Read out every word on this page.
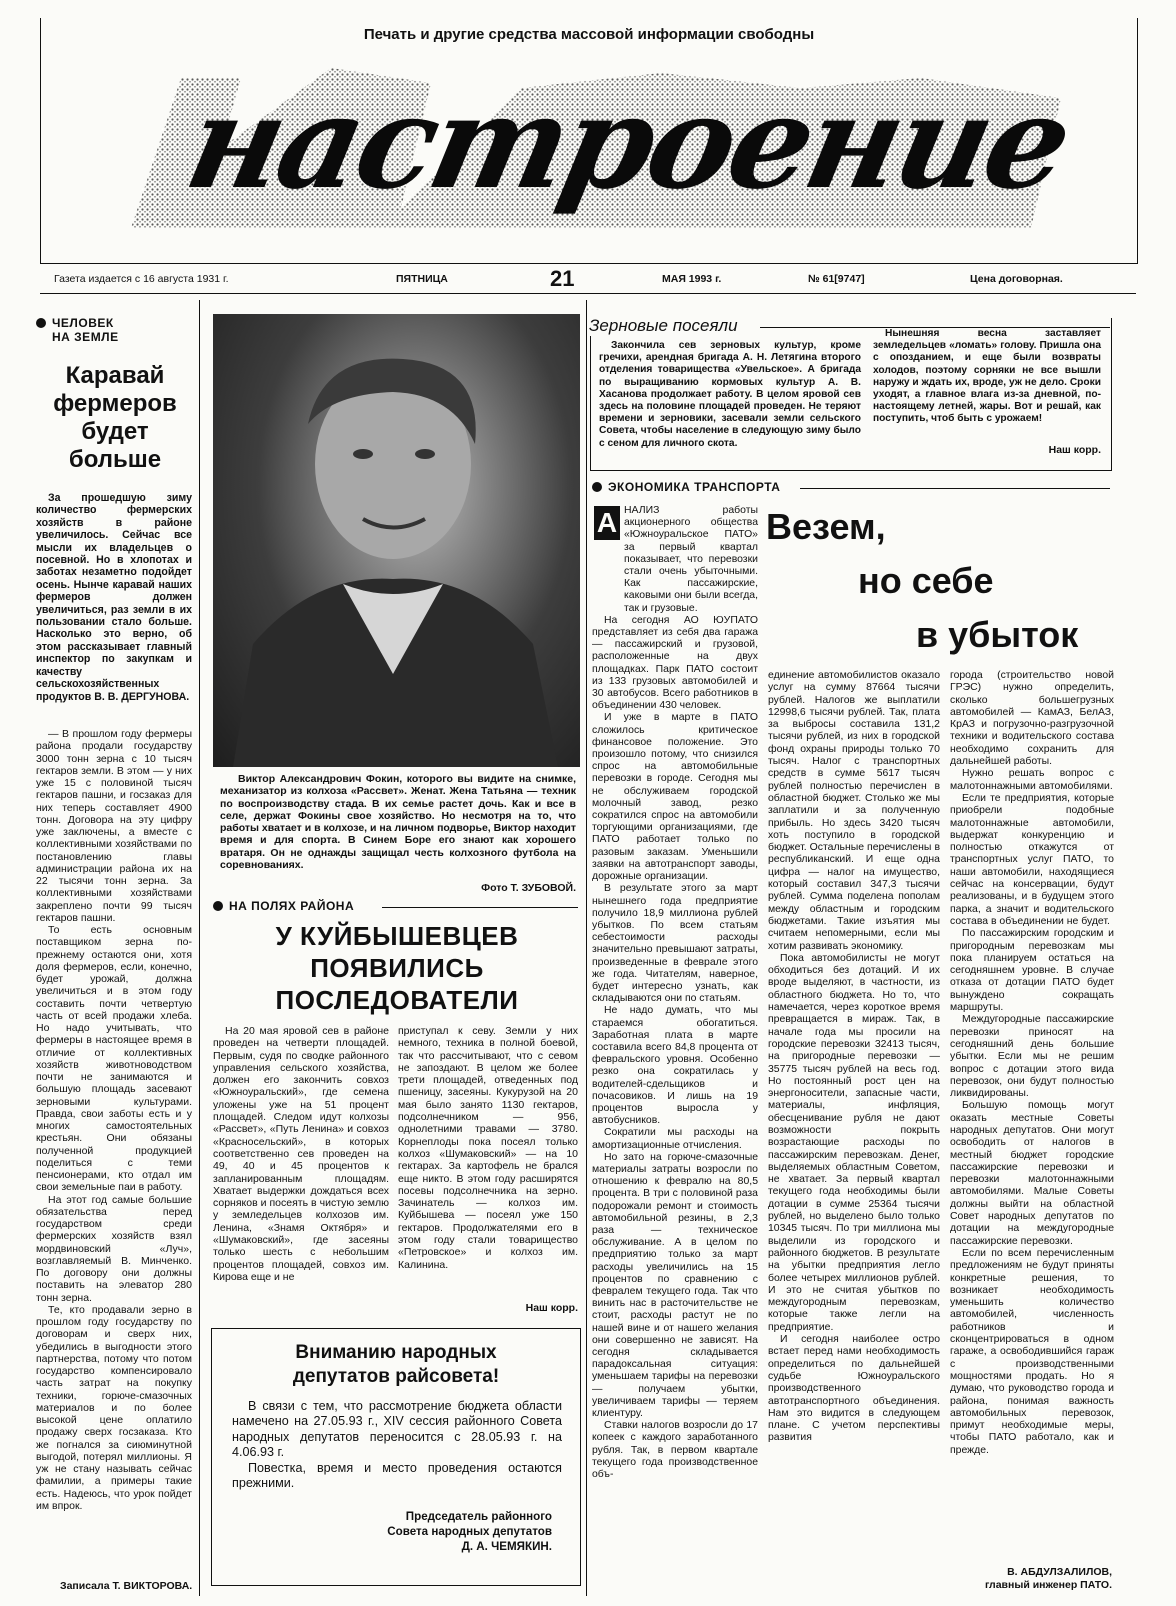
Печать и другие средства массовой информации свободны
настроение
Газета издается с 16 августа 1931 г.	ПЯТНИЦА	21	МАЯ 1993 г.	№ 61[9747]	Цена договорная.
ЧЕЛОВЕК
НА ЗЕМЛЕ
Каравай фермеров будет больше

За прошедшую зиму количество фермерских хозяйств в районе увеличилось. Сейчас все мысли их владельцев о посевной. Но в хлопотах и заботах незаметно подойдет осень. Нынче каравай наших фермеров должен увеличиться, раз земли в их пользовании стало больше. Насколько это верно, об этом рассказывает главный инспектор по закупкам и качеству сельскохозяйственных продуктов В. В. ДЕРГУНОВА.

— В прошлом году фермеры района продали государству 3000 тонн зерна с 10 тысяч гектаров земли. В этом — у них уже 15 с половиной тысяч гектаров пашни, и госзаказ для них теперь составляет 4900 тонн. Договора на эту цифру уже заключены, а вместе с коллективными хозяйствами по постановлению главы администрации района их на 22 тысячи тонн зерна. За коллективными хозяйствами закреплено почти 99 тысяч гектаров пашни.

То есть основным поставщиком зерна по-прежнему остаются они, хотя доля фермеров, если, конечно, будет урожай, должна увеличиться и в этом году составить почти четвертую часть от всей продажи хлеба. Но надо учитывать, что фермеры в настоящее время в отличие от коллективных хозяйств животноводством почти не занимаются и большую площадь засевают зерновыми культурами. Правда, свои заботы есть и у многих самостоятельных крестьян. Они обязаны полученной продукцией поделиться с теми пенсионерами, кто отдал им свои земельные паи в работу.

На этот год самые большие обязательства перед государством среди фермерских хозяйств взял мордвиновский «Луч», возглавляемый В. Минченко. По договору они должны поставить на элеватор 280 тонн зерна.

Те, кто продавали зерно в прошлом году государству по договорам и сверх них, убедились в выгодности этого партнерства, потому что потом государство компенсировало часть затрат на покупку техники, горюче-смазочных материалов и по более высокой цене оплатило продажу сверх госзаказа. Кто же погнался за сиюминутной выгодой, потерял миллионы. Я уж не стану называть сейчас фамилии, а примеры такие есть. Надеюсь, что урок пойдет им впрок.

Записала Т. ВИКТОРОВА.

Виктор Александрович Фокин, которого вы видите на снимке, механизатор из колхоза «Рассвет». Женат. Жена Татьяна — техник по воспроизводству стада. В их семье растет дочь. Как и все в селе, держат Фокины свое хозяйство. Но несмотря на то, что работы хватает и в колхозе, и на личном подворье, Виктор находит время и для спорта. В Синем Боре его знают как хорошего вратаря. Он не однажды защищал честь колхозного футбола на соревнованиях.

Фото Т. ЗУБОВОЙ.
НА ПОЛЯХ РАЙОНА
У КУЙБЫШЕВЦЕВ
ПОЯВИЛИСЬ
ПОСЛЕДОВАТЕЛИ

На 20 мая яровой сев в районе проведен на четверти площадей. Первым, судя по сводке районного управления сельского хозяйства, должен его закончить совхоз «Южноуральский», где семена уложены уже на 51 процент площадей. Следом идут колхозы «Рассвет», «Путь Ленина» и совхоз «Красносельский», в которых соответственно сев проведен на 49, 40 и 45 процентов к запланированным площадям. Хватает выдержки дождаться всех сорняков и посеять в чистую землю у земледельцев колхозов им. Ленина, «Знамя Октября» и «Шумаковский», где засеяны только шесть с небольшим процентов площадей, совхоз им. Кирова еще и не

приступал к севу. Земли у них немного, техника в полной боевой, так что рассчитывают, что с севом не запоздают. В целом же более трети площадей, отведенных под пшеницу, засеяны. Кукурузой на 20 мая было занято 1130 гектаров, подсолнечником — 956, однолетними травами — 3780. Корнеплоды пока посеял только колхоз «Шумаковский» — на 10 гектарах. За картофель не брался еще никто. В этом году расширятся посевы подсолнечника на зерно. Зачинатель — колхоз им. Куйбышева — посеял уже 150 гектаров. Продолжателями его в этом году стали товарищество «Петровское» и колхоз им. Калинина.

Наш корр.
Вниманию народных
депутатов райсовета!

В связи с тем, что рассмотрение бюджета области намечено на 27.05.93 г., XIV сессия районного Совета народных депутатов переносится с 28.05.93 г. на 4.06.93 г.

Повестка, время и место проведения остаются прежними.

Председатель районного
Совета народных депутатов
Д. А. ЧЕМЯКИН.
Зерновые посеяли

Закончила сев зерновых культур, кроме гречихи, арендная бригада А. Н. Летягина второго отделения товарищества «Увельское». А бригада по выращиванию кормовых культур А. В. Хасанова продолжает работу. В целом яровой сев здесь на половине площадей проведен. Не теряют времени и зерновики, засевали земли сельского Совета, чтобы население в следующую зиму было с сеном для личного скота.

Нынешняя весна заставляет земледельцев «ломать» голову. Пришла она с опозданием, и еще были возвраты холодов, поэтому сорняки не все вышли наружу и ждать их, вроде, уж не дело. Сроки уходят, а главное влага из-за дневной, по-настоящему летней, жары. Вот и решай, как поступить, чтоб быть с урожаем!

Наш корр.
ЭКОНОМИКА ТРАНСПОРТА
Везем,
но себе
в убыток
А НАЛИЗ работы акционерного общества «Южноуральское ПАТО» за первый квартал показывает, что перевозки стали очень убыточными. Как пассажирские, каковыми они были всегда, так и грузовые.

На сегодня АО ЮУПАТО представляет из себя два гаража — пассажирский и грузовой, расположенные на двух площадках. Парк ПАТО состоит из 133 грузовых автомобилей и 30 автобусов. Всего работников в объединении 430 человек.

И уже в марте в ПАТО сложилось критическое финансовое положение. Это произошло потому, что снизился спрос на автомобильные перевозки в городе. Сегодня мы не обслуживаем городской молочный завод, резко сократился спрос на автомобили торгующими организациями, где ПАТО работает только по разовым заказам. Уменьшили заявки на автотранспорт заводы, дорожные организации.

В результате этого за март нынешнего года предприятие получило 18,9 миллиона рублей убытков. По всем статьям себестоимости расходы значительно превышают затраты, произведенные в феврале этого же года. Читателям, наверное, будет интересно узнать, как складываются они по статьям.

Не надо думать, что мы стараемся обогатиться. Заработная плата в марте составила всего 84,8 процента от февральского уровня. Особенно резко она сократилась у водителей-сдельщиков и почасовиков. И лишь на 19 процентов выросла у автобусников.

Сократили мы расходы на амортизационные отчисления.

Но зато на горюче-смазочные материалы затраты возросли по отношению к февралю на 80,5 процента. В три с половиной раза подорожали ремонт и стоимость автомобильной резины, в 2,3 раза — техническое обслуживание. А в целом по предприятию только за март расходы увеличились на 15 процентов по сравнению с февралем текущего года. Так что винить нас в расточительстве не стоит, расходы растут не по нашей вине и от нашего желания они совершенно не зависят. На сегодня складывается парадоксальная ситуация: уменьшаем тарифы на перевозки — получаем убытки, увеличиваем тарифы — теряем клиентуру.

Ставки налогов возросли до 17 копеек с каждого заработанного рубля. Так, в первом квартале текущего года производственное объ-

единение автомобилистов оказало услуг на сумму 87664 тысячи рублей. Налогов же выплатили 12998,6 тысячи рублей. Так, плата за выбросы составила 131,2 тысячи рублей, из них в городской фонд охраны природы только 70 тысяч. Налог с транспортных средств в сумме 5617 тысяч рублей полностью перечислен в областной бюджет. Столько же мы заплатили и за полученную прибыль. Но здесь 3420 тысяч хоть поступило в городской бюджет. Остальные перечислены в республиканский. И еще одна цифра — налог на имущество, который составил 347,3 тысячи рублей. Сумма поделена пополам между областным и городским бюджетами. Такие изъятия мы считаем непомерными, если мы хотим развивать экономику.

Пока автомобилисты не могут обходиться без дотаций. И их вроде выделяют, в частности, из областного бюджета. Но то, что намечается, через короткое время превращается в мираж. Так, в начале года мы просили на городские перевозки 32413 тысяч, на пригородные перевозки — 35775 тысяч рублей на весь год. Но постоянный рост цен на энергоносители, запасные части, материалы, инфляция, обесценивание рубля не дают возможности покрыть возрастающие расходы по пассажирским перевозкам. Денег, выделяемых областным Советом, не хватает. За первый квартал текущего года необходимы были дотации в сумме 25364 тысячи рублей, но выделено было только 10345 тысяч. По три миллиона мы выделили из городского и районного бюджетов. В результате на убытки предприятия легло более четырех миллионов рублей. И это не считая убытков по междугородным перевозкам, которые также легли на предприятие.

И сегодня наиболее остро встает перед нами необходимость определиться по дальнейшей судьбе Южноуральского производственного автотранспортного объединения. Нам это видится в следующем плане. С учетом перспективы развития

города (строительство новой ГРЭС) нужно определить, сколько большегрузных автомобилей — КамАЗ, БелАЗ, КрАЗ и погрузочно-разгрузочной техники и водительского состава необходимо сохранить для дальнейшей работы.

Нужно решать вопрос с малотоннажными автомобилями.

Если те предприятия, которые приобрели подобные малотоннажные автомобили, выдержат конкуренцию и полностью откажутся от транспортных услуг ПАТО, то наши автомобили, находящиеся сейчас на консервации, будут реализованы, и в будущем этого парка, а значит и водительского состава в объединении не будет.

По пассажирским городским и пригородным перевозкам мы пока планируем остаться на сегодняшнем уровне. В случае отказа от дотации ПАТО будет вынуждено сокращать маршруты.

Междугородные пассажирские перевозки приносят на сегодняшний день большие убытки. Если мы не решим вопрос с дотации этого вида перевозок, они будут полностью ликвидированы.

Большую помощь могут оказать местные Советы народных депутатов. Они могут освободить от налогов в местный бюджет городские пассажирские перевозки и перевозки малотоннажными автомобилями. Малые Советы должны выйти на областной Совет народных депутатов по дотации на междугородные пассажирские перевозки.

Если по всем перечисленным предложениям не будут приняты конкретные решения, то возникает необходимость уменьшить количество автомобилей, численность работников и сконцентрироваться в одном гараже, а освободившийся гараж с производственными мощностями продать. Но я думаю, что руководство города и района, понимая важность автомобильных перевозок, примут необходимые меры, чтобы ПАТО работало, как и прежде.

В. АБДУЛЗАЛИЛОВ,
главный инженер ПАТО.
